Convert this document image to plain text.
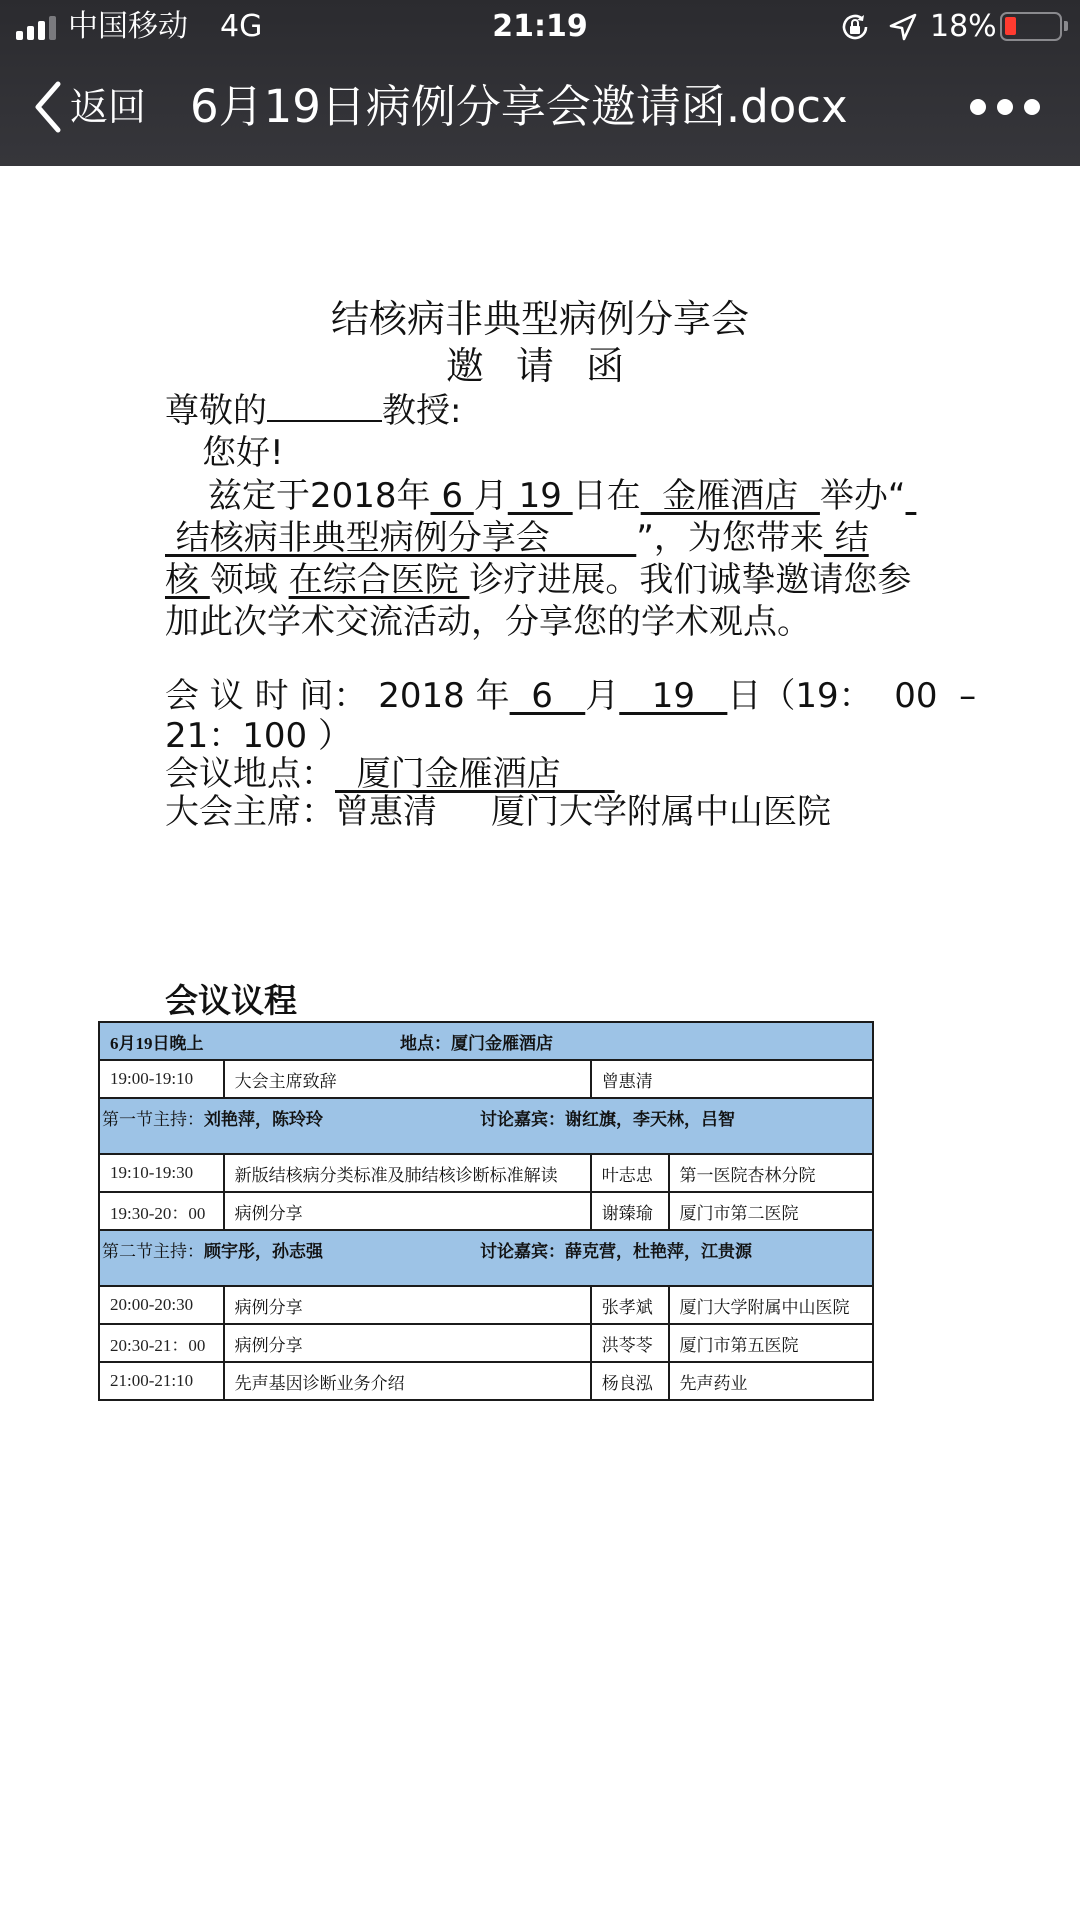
中国移动 4G	21:19	18%
返回 6月19日病例分享会邀请函.docx
结核病非典型病例分享会
邀 请 函
尊敬的	教授:
您好!
兹定于2018年 6 月 19 日在  金雁酒店  举办“
结核病非典型病例分享会        ”，为您带来 结
核 领域 在综合医院 诊疗进展。我们诚挚邀请您参
加此次学术交流活动，分享您的学术观点。
会 议 时 间： 2018 年  6   月   19   日（19：  00  –
21：100 ）
会议地点：  厦门金雁酒店
大会主席：曾惠清 厦门大学附属中山医院
会议议程
6月19日晚上 地点：厦门金雁酒店			
19:00-19:10	大会主席致辞	曾惠清	

第一节主持：刘艳萍，陈玲玲 讨论嘉宾：谢红旗，李天林，吕智			

19:10-19:30	新版结核病分类标准及肺结核诊断标准解读	叶志忠	第一医院杏林分院
19:30-20：00	病例分享	谢臻瑜	厦门市第二医院

第二节主持：顾宇彤，孙志强 讨论嘉宾：薛克营，杜艳萍，江贵源			

20:00-20:30	病例分享	张孝斌	厦门大学附属中山医院
20:30-21：00	病例分享	洪苓苓	厦门市第五医院
21:00-21:10	先声基因诊断业务介绍	杨良泓	先声药业
